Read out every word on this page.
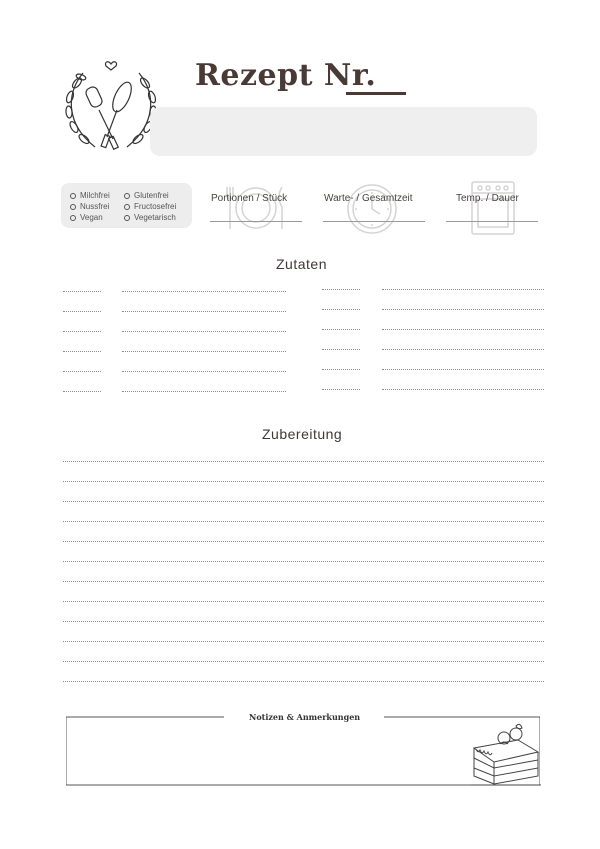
Rezept Nr.
Milchfrei
Nussfrei
Vegan
Glutenfrei
Fructosefrei
Vegetarisch
Portionen / Stück	Warte- / Gesamtzeit	Temp. / Dauer
Zutaten
Zubereitung
Notizen & Anmerkungen
